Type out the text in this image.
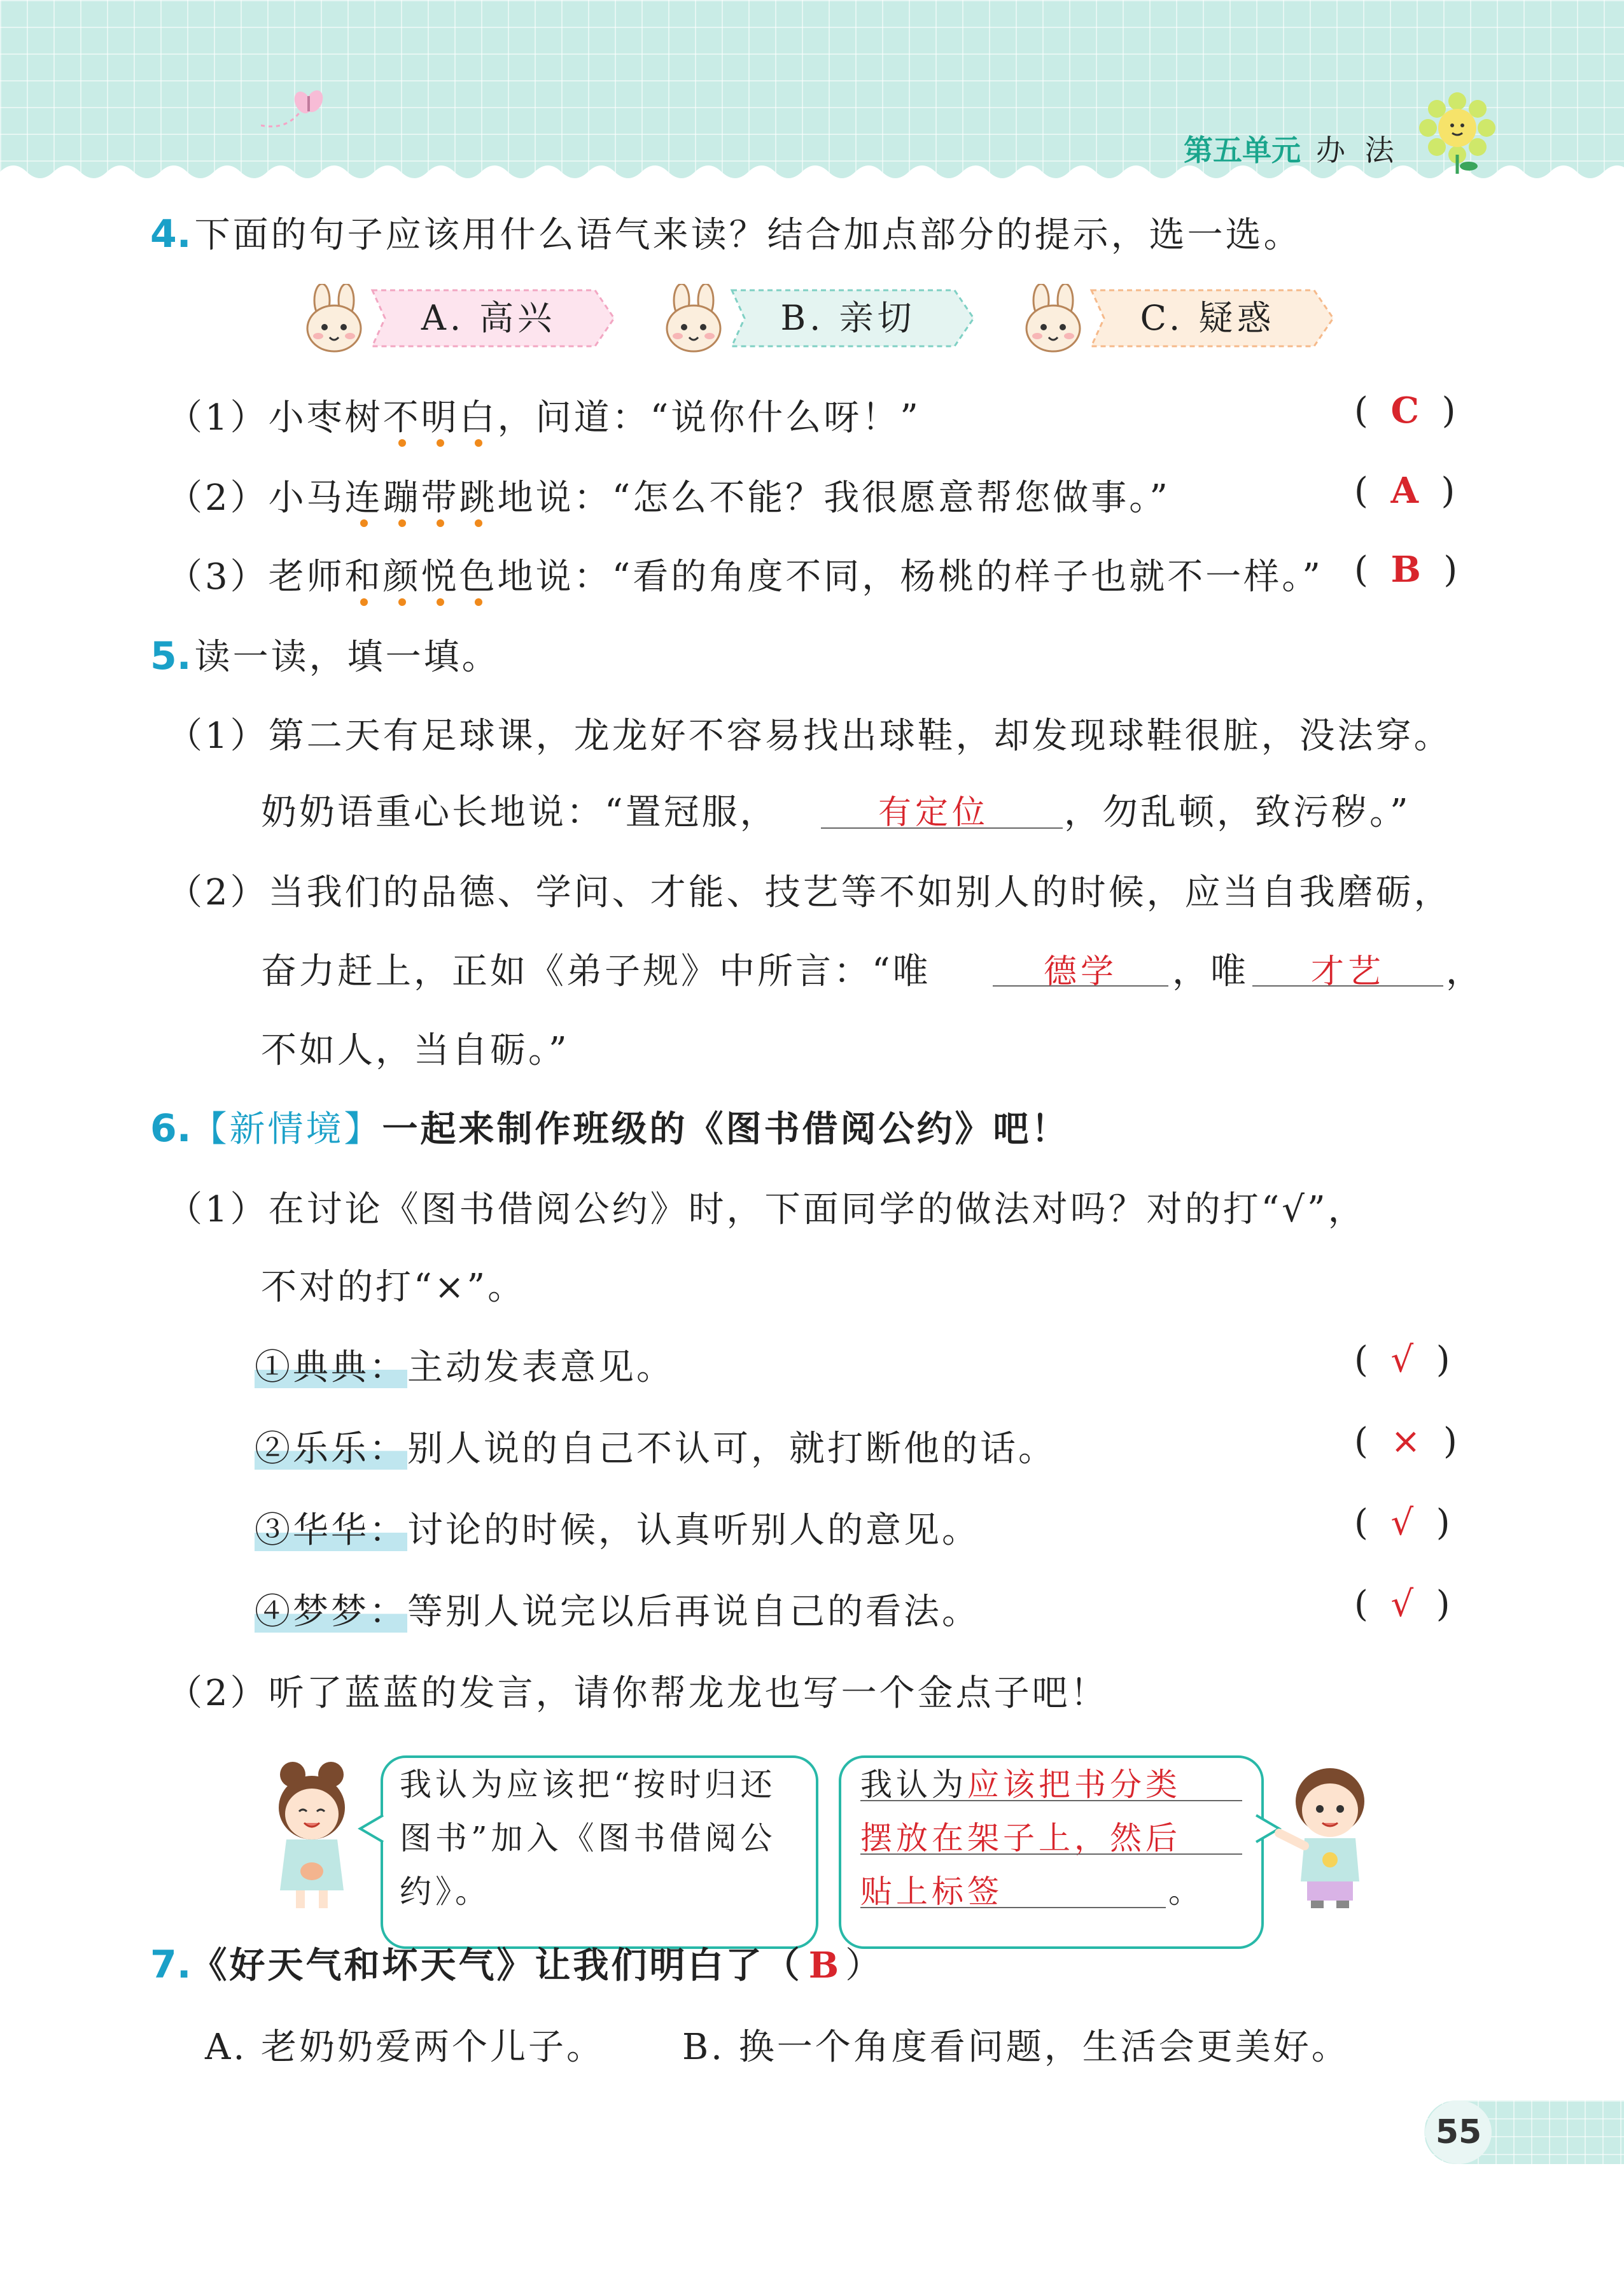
第五单元 办 法
4. 下面的句子应该用什么语气来读？结合加点部分的提示，选一选。
A. 高兴	B. 亲切	C. 疑惑
（1）小枣树不明白，问道：“说你什么呀！”	(  C  )
（2）小马连蹦带跳地说：“怎么不能？我很愿意帮您做事。”	(  A  )
（3）老师和颜悦色地说：“看的角度不同，杨桃的样子也就不一样。” (  B  )
5. 读一读，填一填。
（1）第二天有足球课，龙龙好不容易找出球鞋，却发现球鞋很脏，没法穿。
奶奶语重心长地说：“置冠服，	有定位 ，勿乱顿，致污秽。”
（2）当我们的品德、学问、才能、技艺等不如别人的时候，应当自我磨砺，
奋力赶上，正如《弟子规》中所言：“唯	德学 ，唯 才艺 ，
不如人，当自砺。”
6.【新情境】一起来制作班级的《图书借阅公约》吧！
（1）在讨论《图书借阅公约》时，下面同学的做法对吗？对的打“√”，
不对的打“×”。
①典典：主动发表意见。	(  √  )
②乐乐：别人说的自己不认可，就打断他的话。	(  ×  )
③华华：讨论的时候，认真听别人的意见。	(  √  )
④梦梦：等别人说完以后再说自己的看法。	(  √  )
（2）听了蓝蓝的发言，请你帮龙龙也写一个金点子吧！
我认为应该把“按时归还
图书”加入《图书借阅公
约》。
我认为应该把书分类
摆放在架子上，然后
贴上标签	。
7.《好天气和坏天气》让我们明白了（ B ）
A. 老奶奶爱两个儿子。 B. 换一个角度看问题，生活会更美好。
55
